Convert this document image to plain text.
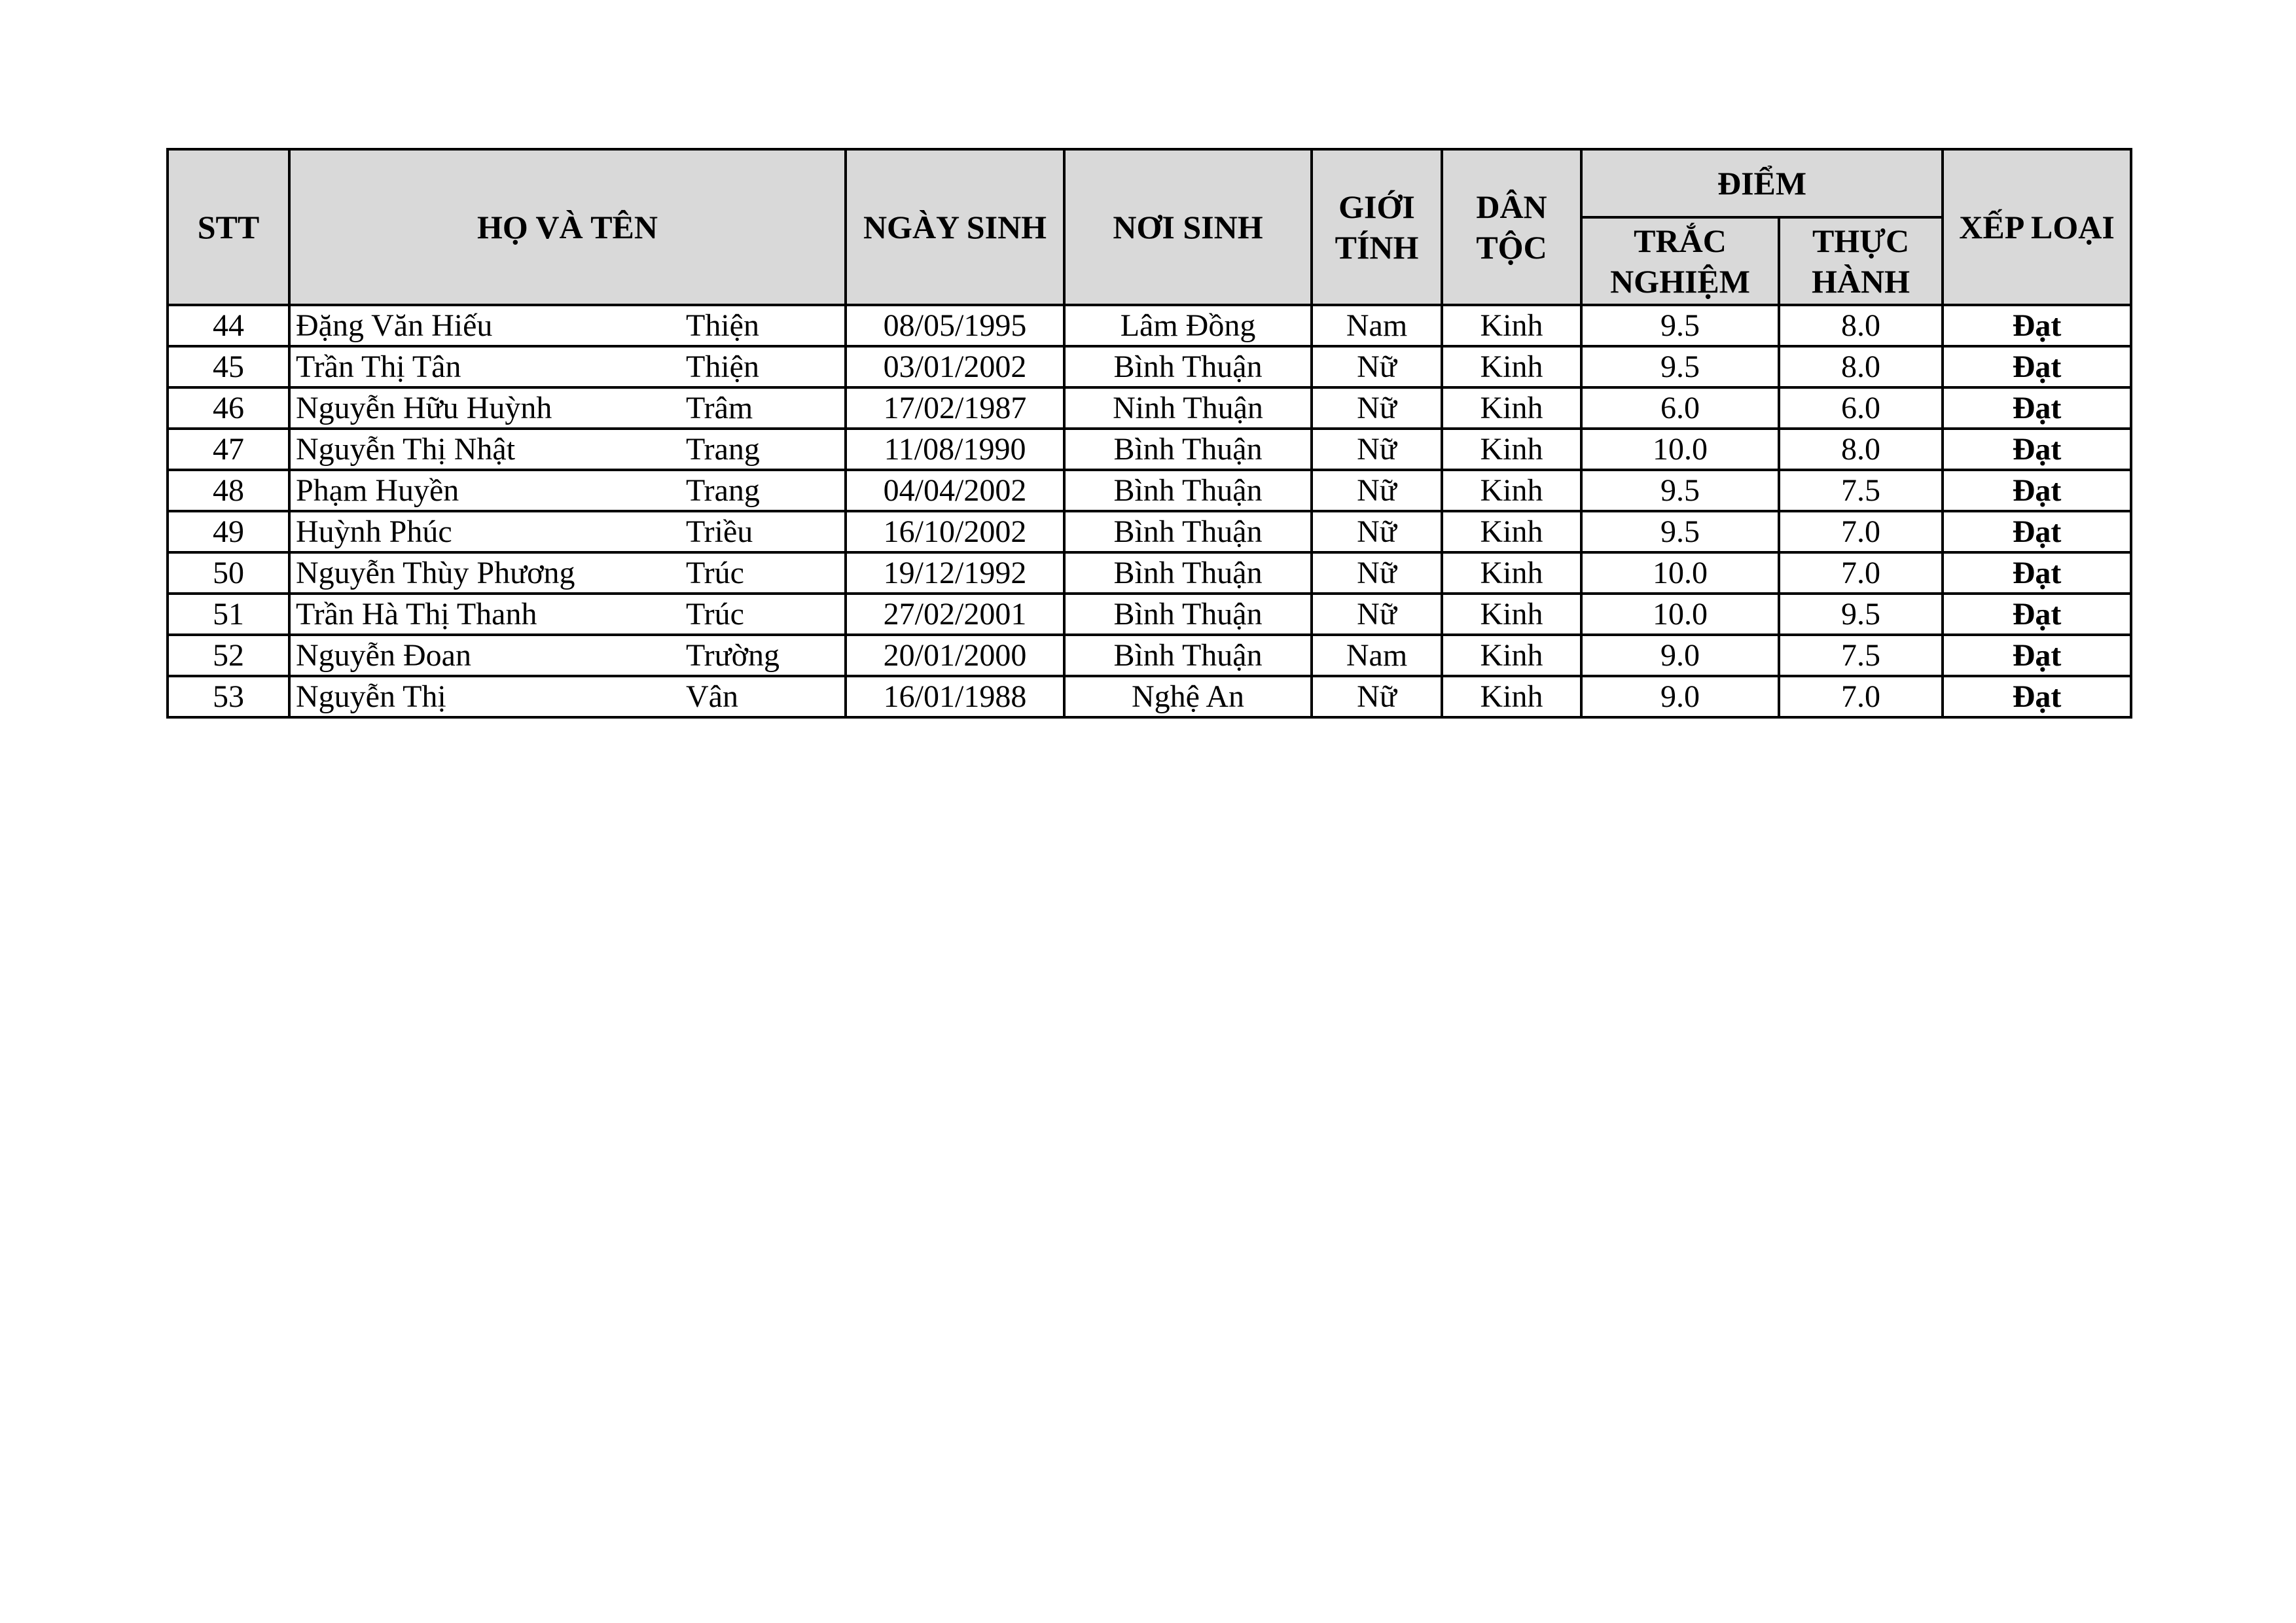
STT	HỌ VÀ TÊN		NGÀY SINH	NƠI SINH	GIỚI TÍNH	DÂN TỘC	ĐIỂM		XẾP LOẠI
							TRẮC NGHIỆM	THỰC HÀNH	
44	Đặng Văn Hiếu	Thiện	08/05/1995	Lâm Đồng	Nam	Kinh	9.5	8.0	Đạt
45	Trần Thị Tân	Thiện	03/01/2002	Bình Thuận	Nữ	Kinh	9.5	8.0	Đạt
46	Nguyễn Hữu Huỳnh	Trâm	17/02/1987	Ninh Thuận	Nữ	Kinh	6.0	6.0	Đạt
47	Nguyễn Thị Nhật	Trang	11/08/1990	Bình Thuận	Nữ	Kinh	10.0	8.0	Đạt
48	Phạm Huyền	Trang	04/04/2002	Bình Thuận	Nữ	Kinh	9.5	7.5	Đạt
49	Huỳnh Phúc	Triều	16/10/2002	Bình Thuận	Nữ	Kinh	9.5	7.0	Đạt
50	Nguyễn Thùy Phương	Trúc	19/12/1992	Bình Thuận	Nữ	Kinh	10.0	7.0	Đạt
51	Trần Hà Thị Thanh	Trúc	27/02/2001	Bình Thuận	Nữ	Kinh	10.0	9.5	Đạt
52	Nguyễn Đoan	Trường	20/01/2000	Bình Thuận	Nam	Kinh	9.0	7.5	Đạt
53	Nguyễn Thị	Vân	16/01/1988	Nghệ An	Nữ	Kinh	9.0	7.0	Đạt
